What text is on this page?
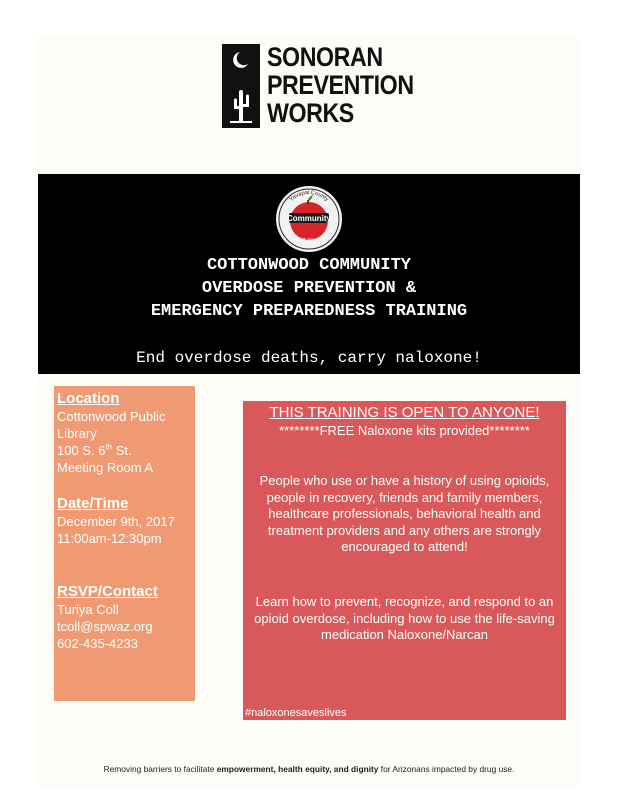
SONORAN
PREVENTION
WORKS
Yavapai County
Community
Health Services
COTTONWOOD COMMUNITY
OVERDOSE PREVENTION &
EMERGENCY PREPAREDNESS TRAINING
End overdose deaths, carry naloxone!
Location
Cottonwood Public
Library
100 S. 6th St.
Meeting Room A
Date/Time
December 9th, 2017
11:00am-12:30pm
RSVP/Contact
Turiya Coll
tcoll@spwaz.org
602-435-4233
THIS TRAINING IS OPEN TO ANYONE!
********FREE Naloxone kits provided********
People who use or have a history of using opioids, people in recovery, friends and family members, healthcare professionals, behavioral health and treatment providers and any others are strongly encouraged to attend!
Learn how to prevent, recognize, and respond to an opioid overdose, including how to use the life-saving medication Naloxone/Narcan
#naloxonesaveslives
Removing barriers to facilitate empowerment, health equity, and dignity for Arizonans impacted by drug use.
